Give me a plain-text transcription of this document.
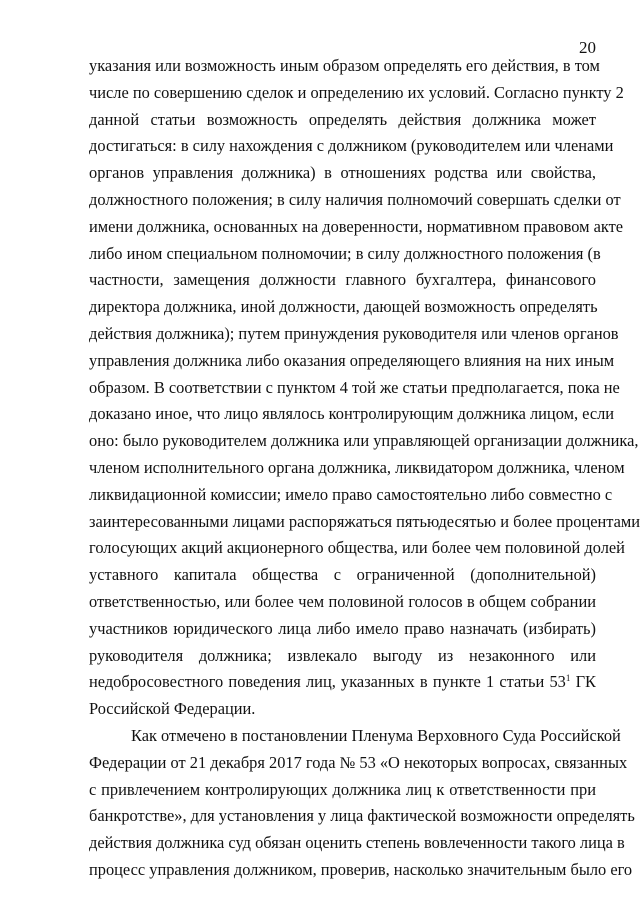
20
указания или возможность иным образом определять его действия, в том
числе по совершению сделок и определению их условий. Согласно пункту 2
данной статьи возможность определять действия должника может
достигаться: в силу нахождения с должником (руководителем или членами
органов управления должника) в отношениях родства или свойства,
должностного положения; в силу наличия полномочий совершать сделки от
имени должника, основанных на доверенности, нормативном правовом акте
либо ином специальном полномочии; в силу должностного положения (в
частности, замещения должности главного бухгалтера, финансового
директора должника, иной должности, дающей возможность определять
действия должника); путем принуждения руководителя или членов органов
управления должника либо оказания определяющего влияния на них иным
образом. В соответствии с пунктом 4 той же статьи предполагается, пока не
доказано иное, что лицо являлось контролирующим должника лицом, если
оно: было руководителем должника или управляющей организации должника,
членом исполнительного органа должника, ликвидатором должника, членом
ликвидационной комиссии; имело право самостоятельно либо совместно с
заинтересованными лицами распоряжаться пятьюдесятью и более процентами
голосующих акций акционерного общества, или более чем половиной долей
уставного капитала общества с ограниченной (дополнительной)
ответственностью, или более чем половиной голосов в общем собрании
участников юридического лица либо имело право назначать (избирать)
руководителя должника; извлекало выгоду из незаконного или
недобросовестного поведения лиц, указанных в пункте 1 статьи $53^1$ ГК
Российской Федерации.
Как отмечено в постановлении Пленума Верховного Суда Российской
Федерации от 21 декабря 2017 года № 53 «О некоторых вопросах, связанных
с привлечением контролирующих должника лиц к ответственности при
банкротстве», для установления у лица фактической возможности определять
действия должника суд обязан оценить степень вовлеченности такого лица в
процесс управления должником, проверив, насколько значительным было его
